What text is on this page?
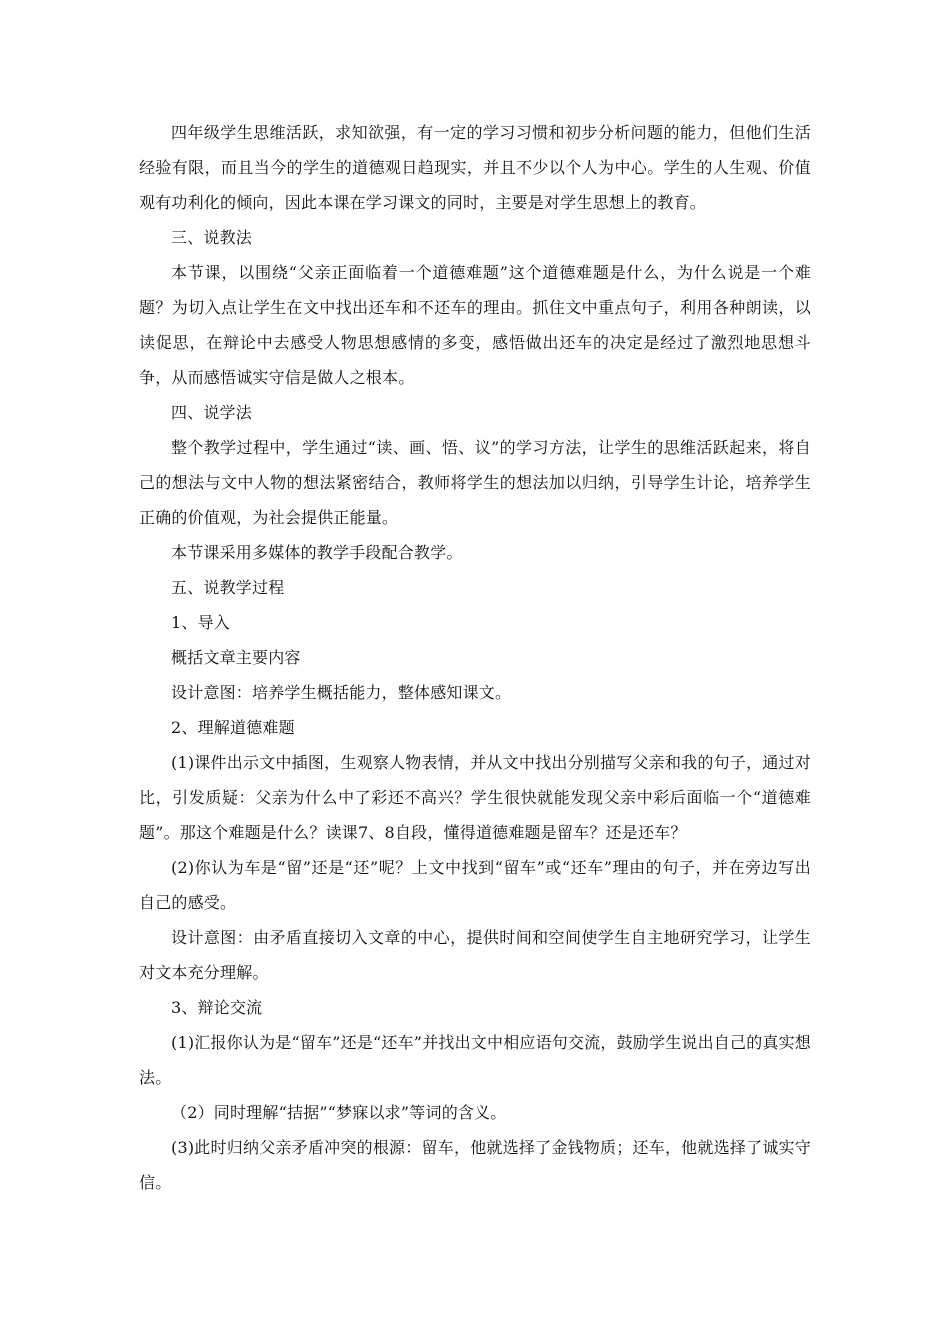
四年级学生思维活跃，求知欲强，有一定的学习习惯和初步分析问题的能力，但他们生活经验有限，而且当今的学生的道德观日趋现实，并且不少以个人为中心。学生的人生观、价值观有功利化的倾向，因此本课在学习课文的同时，主要是对学生思想上的教育。

三、说教法

本节课，以围绕“父亲正面临着一个道德难题”这个道德难题是什么，为什么说是一个难题？为切入点让学生在文中找出还车和不还车的理由。抓住文中重点句子，利用各种朗读，以读促思，在辩论中去感受人物思想感情的多变，感悟做出还车的决定是经过了激烈地思想斗争，从而感悟诚实守信是做人之根本。

四、说学法

整个教学过程中，学生通过“读、画、悟、议”的学习方法，让学生的思维活跃起来，将自己的想法与文中人物的想法紧密结合，教师将学生的想法加以归纳，引导学生计论，培养学生正确的价值观，为社会提供正能量。

本节课采用多媒体的教学手段配合教学。

五、说教学过程

1、导入

概括文章主要内容

设计意图：培养学生概括能力，整体感知课文。

2、理解道德难题

(1)课件出示文中插图，生观察人物表情，并从文中找出分别描写父亲和我的句子，通过对比，引发质疑：父亲为什么中了彩还不高兴？学生很快就能发现父亲中彩后面临一个“道德难题”。那这个难题是什么？读课7、8自段，懂得道德难题是留车？还是还车？

(2)你认为车是“留”还是“还”呢？上文中找到“留车”或“还车”理由的句子，并在旁边写出自己的感受。

设计意图：由矛盾直接切入文章的中心，提供时间和空间使学生自主地研究学习，让学生对文本充分理解。

3、辩论交流

(1)汇报你认为是“留车”还是“还车”并找出文中相应语句交流，鼓励学生说出自己的真实想法。

（2）同时理解“拮据”“梦寐以求”等词的含义。

(3)此时归纳父亲矛盾冲突的根源：留车，他就选择了金钱物质；还车，他就选择了诚实守信。
